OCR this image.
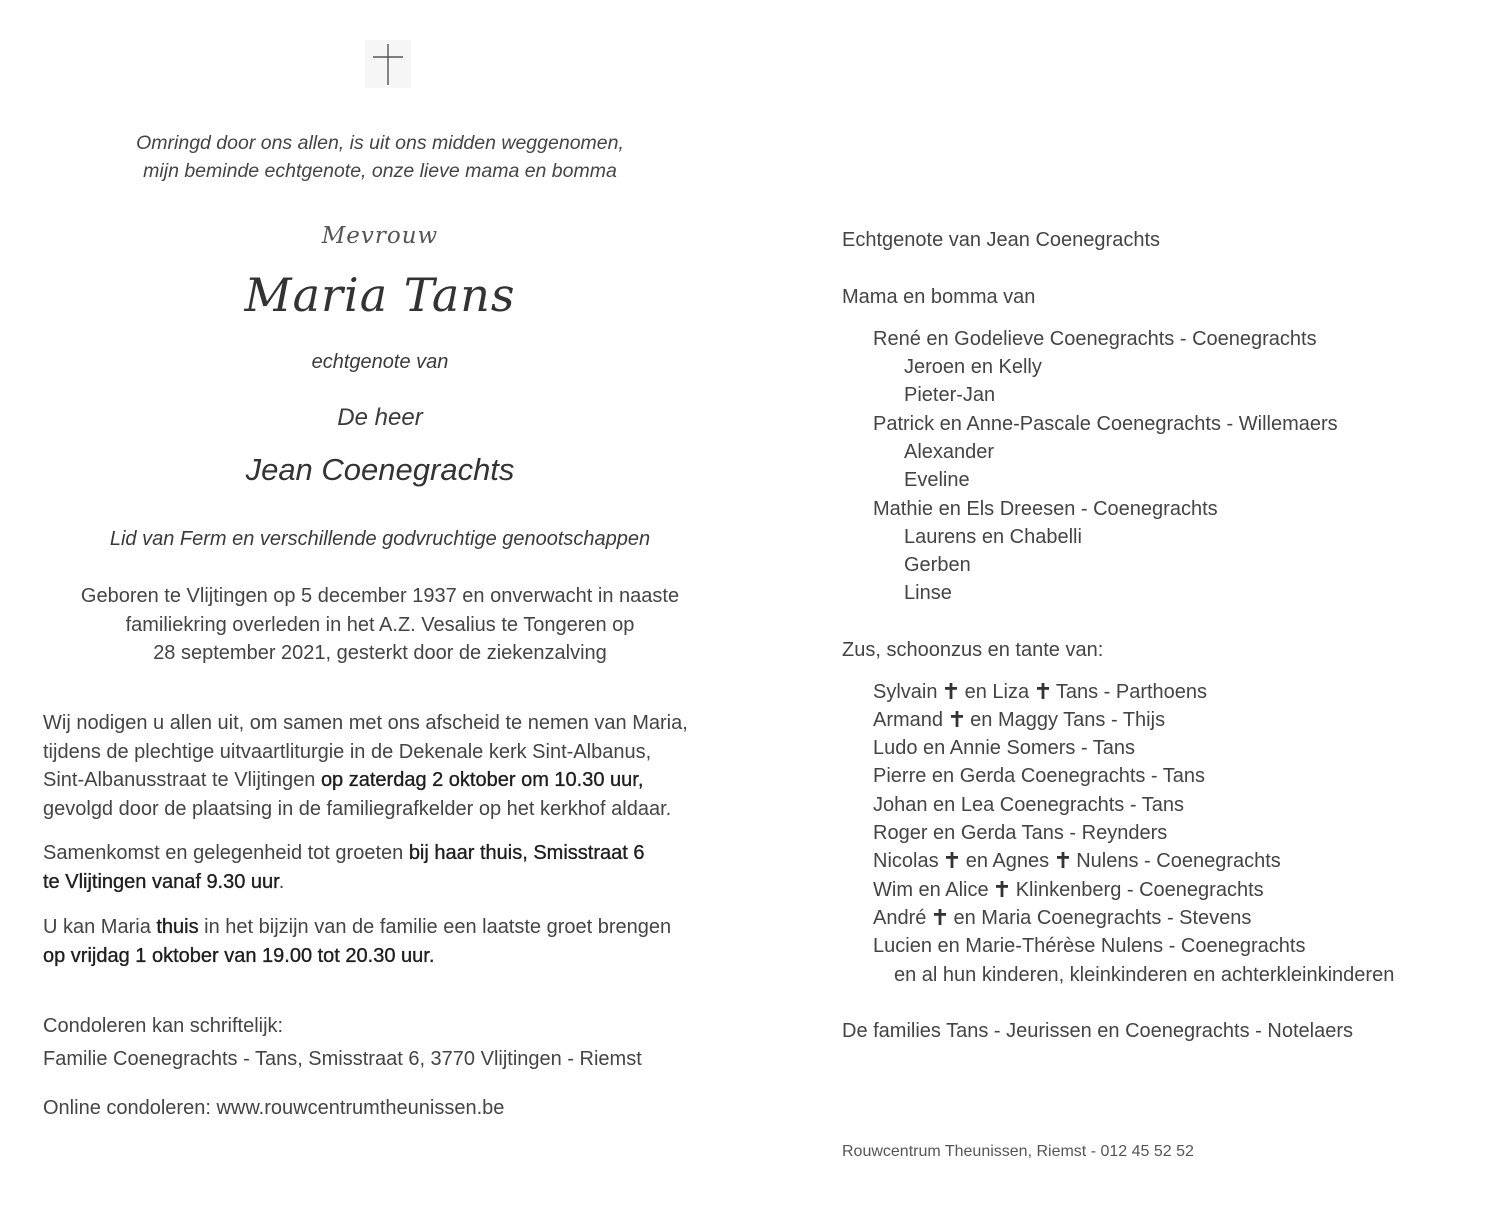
Omringd door ons allen, is uit ons midden weggenomen,
mijn beminde echtgenote, onze lieve mama en bomma
Mevrouw
Maria Tans
echtgenote van
De heer
Jean Coenegrachts
Lid van Ferm en verschillende godvruchtige genootschappen
Geboren te Vlijtingen op 5 december 1937 en onverwacht in naaste
familiekring overleden in het A.Z. Vesalius te Tongeren op
28 september 2021, gesterkt door de ziekenzalving
Wij nodigen u allen uit, om samen met ons afscheid te nemen van Maria,
tijdens de plechtige uitvaartliturgie in de Dekenale kerk Sint-Albanus,
Sint-Albanusstraat te Vlijtingen op zaterdag 2 oktober om 10.30 uur,
gevolgd door de plaatsing in de familiegrafkelder op het kerkhof aldaar.
Samenkomst en gelegenheid tot groeten bij haar thuis, Smisstraat 6
te Vlijtingen vanaf 9.30 uur.
U kan Maria thuis in het bijzijn van de familie een laatste groet brengen
op vrijdag 1 oktober van 19.00 tot 20.30 uur.
Condoleren kan schriftelijk:
Familie Coenegrachts - Tans, Smisstraat 6, 3770 Vlijtingen - Riemst
Online condoleren: www.rouwcentrumtheunissen.be
Echtgenote van Jean Coenegrachts
Mama en bomma van
René en Godelieve Coenegrachts - Coenegrachts
Jeroen en Kelly
Pieter-Jan
Patrick en Anne-Pascale Coenegrachts - Willemaers
Alexander
Eveline
Mathie en Els Dreesen - Coenegrachts
Laurens en Chabelli
Gerben
Linse
Zus, schoonzus en tante van:
Sylvain  en Liza  Tans - Parthoens
Armand  en Maggy Tans - Thijs
Ludo en Annie Somers - Tans
Pierre en Gerda Coenegrachts - Tans
Johan en Lea Coenegrachts - Tans
Roger en Gerda Tans - Reynders
Nicolas  en Agnes  Nulens - Coenegrachts
Wim en Alice  Klinkenberg - Coenegrachts
André  en Maria Coenegrachts - Stevens
Lucien en Marie-Thérèse Nulens - Coenegrachts
en al hun kinderen, kleinkinderen en achterkleinkinderen
De families Tans - Jeurissen en Coenegrachts - Notelaers
Rouwcentrum Theunissen, Riemst - 012 45 52 52
